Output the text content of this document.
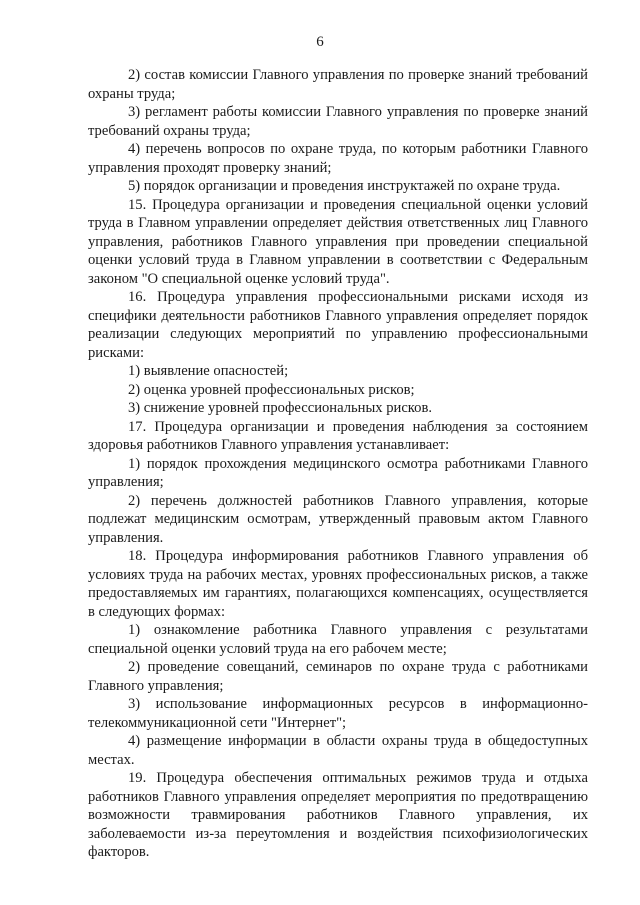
6

2) состав комиссии Главного управления по проверке знаний требований охраны труда;

3) регламент работы комиссии Главного управления по проверке знаний требований охраны труда;

4) перечень вопросов по охране труда, по которым работники Главного управления проходят проверку знаний;

5) порядок организации и проведения инструктажей по охране труда.

15. Процедура организации и проведения специальной оценки условий труда в Главном управлении определяет действия ответственных лиц Главного управления, работников Главного управления при проведении специальной оценки условий труда в Главном управлении в соответствии с Федеральным законом "О специальной оценке условий труда".

16. Процедура управления профессиональными рисками исходя из специфики деятельности работников Главного управления определяет порядок реализации следующих мероприятий по управлению профессиональными рисками:

1) выявление опасностей;

2) оценка уровней профессиональных рисков;

3) снижение уровней профессиональных рисков.

17. Процедура организации и проведения наблюдения за состоянием здоровья работников Главного управления устанавливает:

1) порядок прохождения медицинского осмотра работниками Главного управления;

2) перечень должностей работников Главного управления, которые подлежат медицинским осмотрам, утвержденный правовым актом Главного управления.

18. Процедура информирования работников Главного управления об условиях труда на рабочих местах, уровнях профессиональных рисков, а также предоставляемых им гарантиях, полагающихся компенсациях, осуществляется в следующих формах:

1) ознакомление работника Главного управления с результатами специальной оценки условий труда на его рабочем месте;

2) проведение совещаний, семинаров по охране труда с работниками Главного управления;

3) использование информационных ресурсов в информационно-телекоммуникационной сети "Интернет";

4) размещение информации в области охраны труда в общедоступных местах.

19. Процедура обеспечения оптимальных режимов труда и отдыха работников Главного управления определяет мероприятия по предотвращению возможности травмирования работников Главного управления, их заболеваемости из-за переутомления и воздействия психофизиологических факторов.
